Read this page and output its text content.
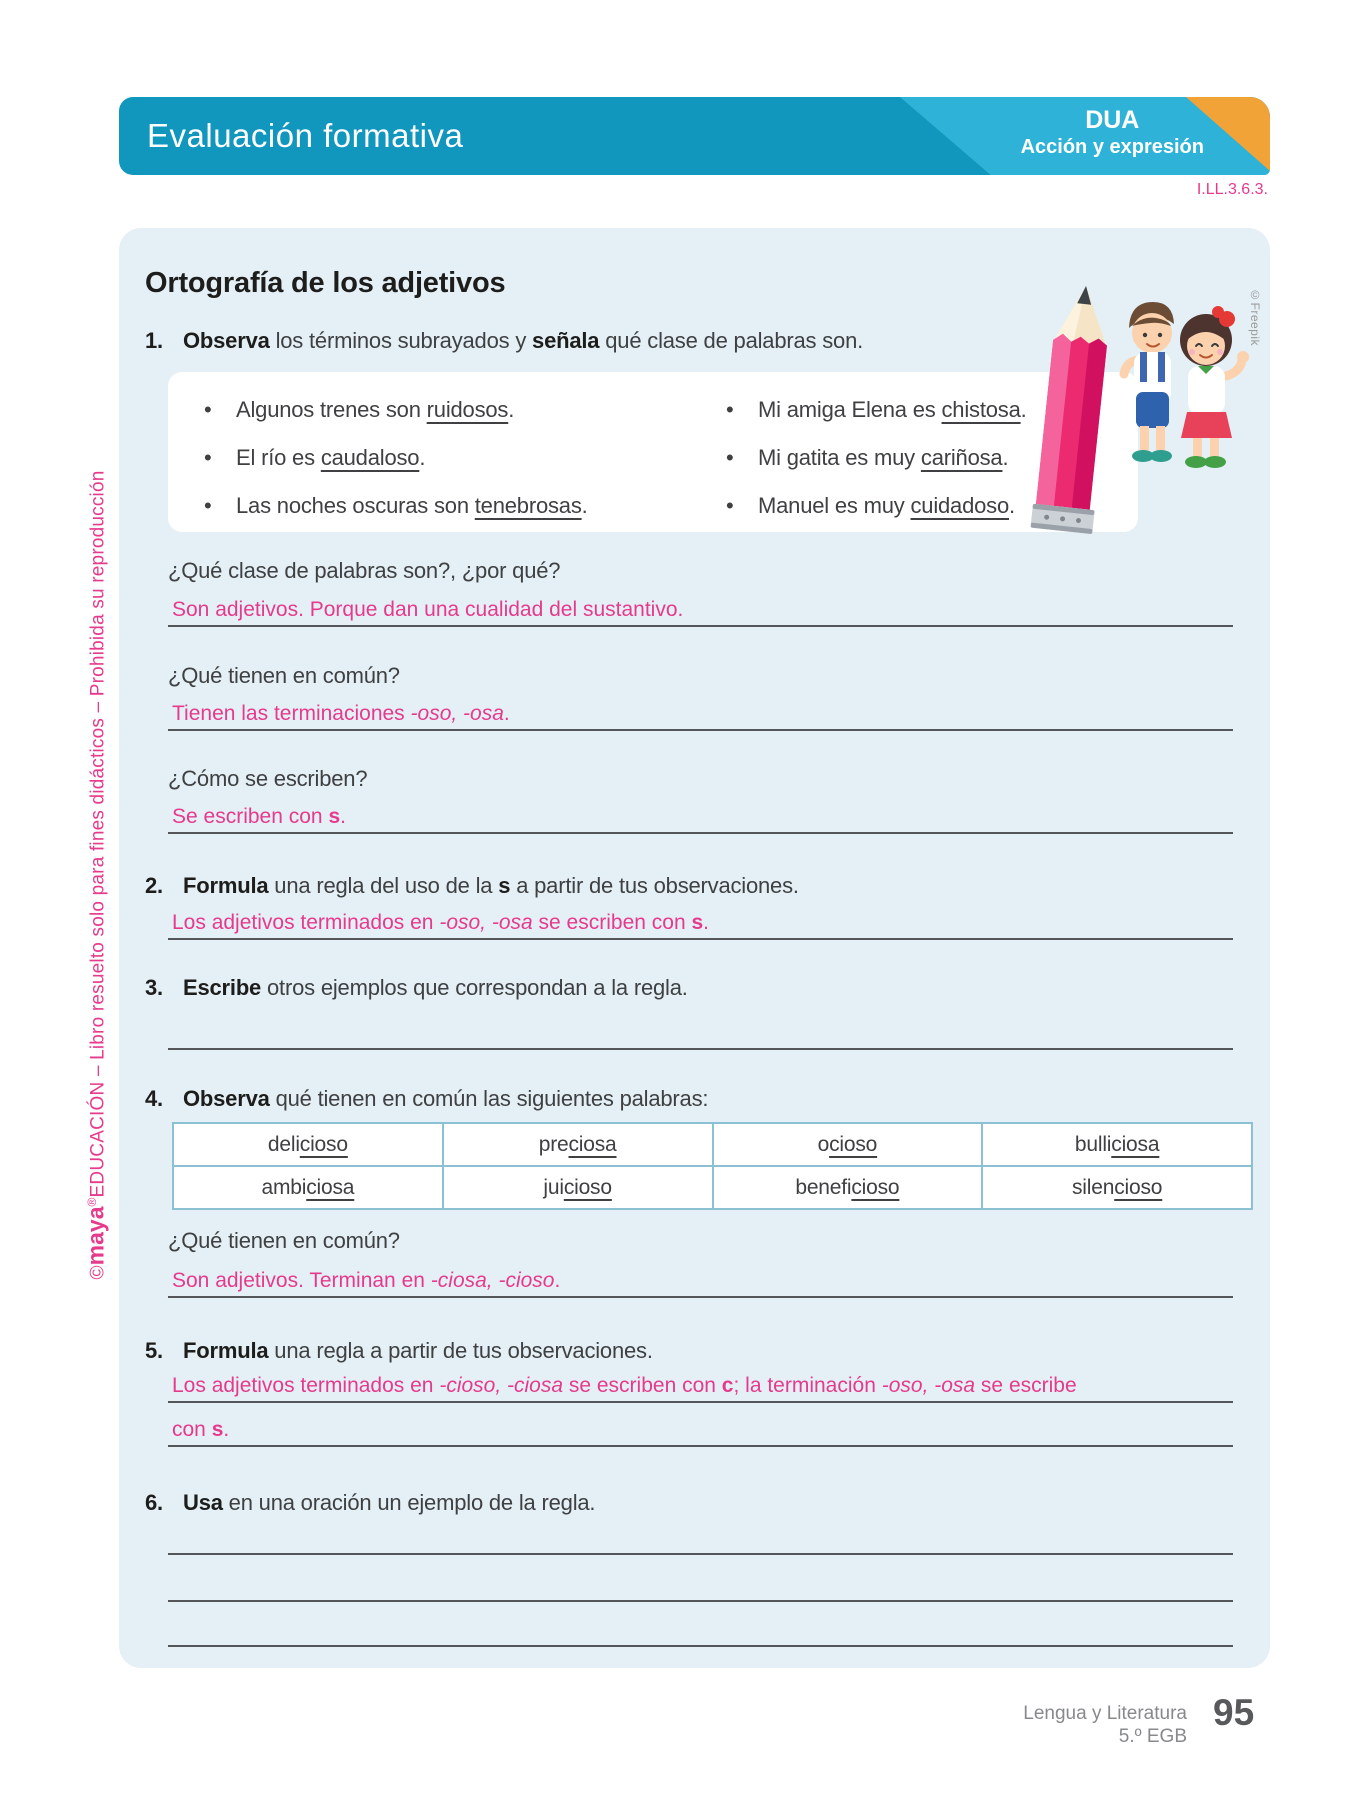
©maya®EDUCACIÓN – Libro resuelto solo para fines didácticos – Prohibida su reproducción
Evaluación formativa	DUA
Acción y expresión
I.LL.3.6.3.
Ortografía de los adjetivos
1. Observa los términos subrayados y señala qué clase de palabras son.
• Algunos trenes son ruidosos.
• El río es caudaloso.
• Las noches oscuras son tenebrosas.
• Mi amiga Elena es chistosa.
• Mi gatita es muy cariñosa.
• Manuel es muy cuidadoso.
¿Qué clase de palabras son?, ¿por qué?
Son adjetivos. Porque dan una cualidad del sustantivo.
¿Qué tienen en común?
Tienen las terminaciones -oso, -osa.
¿Cómo se escriben?
Se escriben con s.
2. Formula una regla del uso de la s a partir de tus observaciones.
Los adjetivos terminados en -oso, -osa se escriben con s.
3. Escribe otros ejemplos que correspondan a la regla.
4. Observa qué tienen en común las siguientes palabras:
delicioso	preciosa	ocioso	bulliciosa
ambiciosa	juicioso	beneficioso	silencioso
¿Qué tienen en común?
Son adjetivos. Terminan en -ciosa, -cioso.
5. Formula una regla a partir de tus observaciones.
Los adjetivos terminados en -cioso, -ciosa se escriben con c; la terminación -oso, -osa se escribe
con s.
6. Usa en una oración un ejemplo de la regla.
©Freepik
Lengua y Literatura
5.º EGB
95
